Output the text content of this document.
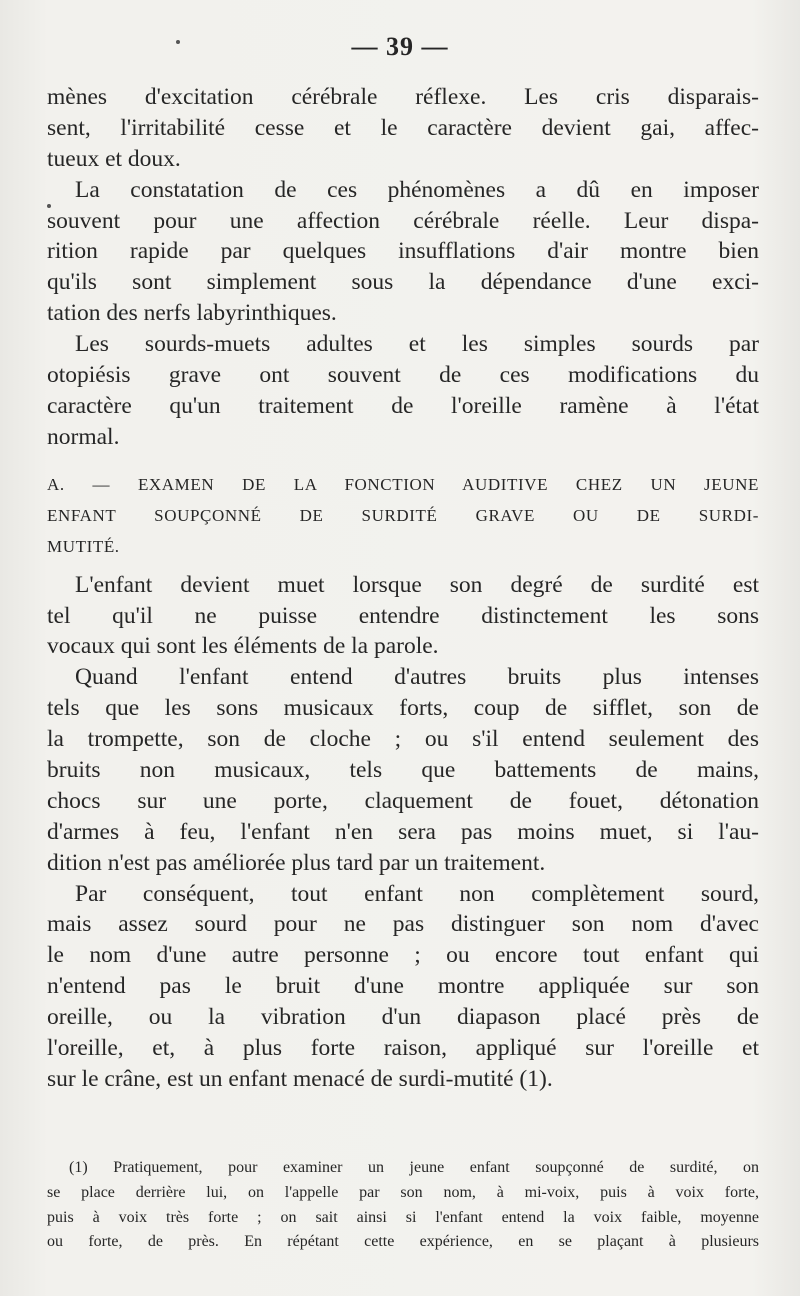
— 39 —
mènes d'excitation cérébrale réflexe. Les cris disparais-
sent, l'irritabilité cesse et le caractère devient gai, affec-
tueux et doux.
La constatation de ces phénomènes a dû en imposer
souvent pour une affection cérébrale réelle. Leur dispa-
rition rapide par quelques insufflations d'air montre bien
qu'ils sont simplement sous la dépendance d'une exci-
tation des nerfs labyrinthiques.
Les sourds-muets adultes et les simples sourds par
otopiésis grave ont souvent de ces modifications du
caractère qu'un traitement de l'oreille ramène à l'état
normal.
A. — EXAMEN DE LA FONCTION AUDITIVE CHEZ UN JEUNE
ENFANT SOUPÇONNÉ DE SURDITÉ GRAVE OU DE SURDI-
MUTITÉ.
L'enfant devient muet lorsque son degré de surdité est
tel qu'il ne puisse entendre distinctement les sons
vocaux qui sont les éléments de la parole.
Quand l'enfant entend d'autres bruits plus intenses
tels que les sons musicaux forts, coup de sifflet, son de
la trompette, son de cloche ; ou s'il entend seulement des
bruits non musicaux, tels que battements de mains,
chocs sur une porte, claquement de fouet, détonation
d'armes à feu, l'enfant n'en sera pas moins muet, si l'au-
dition n'est pas améliorée plus tard par un traitement.
Par conséquent, tout enfant non complètement sourd,
mais assez sourd pour ne pas distinguer son nom d'avec
le nom d'une autre personne ; ou encore tout enfant qui
n'entend pas le bruit d'une montre appliquée sur son
oreille, ou la vibration d'un diapason placé près de
l'oreille, et, à plus forte raison, appliqué sur l'oreille et
sur le crâne, est un enfant menacé de surdi-mutité (1).
(1) Pratiquement, pour examiner un jeune enfant soupçonné de surdité, on
se place derrière lui, on l'appelle par son nom, à mi-voix, puis à voix forte,
puis à voix très forte ; on sait ainsi si l'enfant entend la voix faible, moyenne
ou forte, de près. En répétant cette expérience, en se plaçant à plusieurs
